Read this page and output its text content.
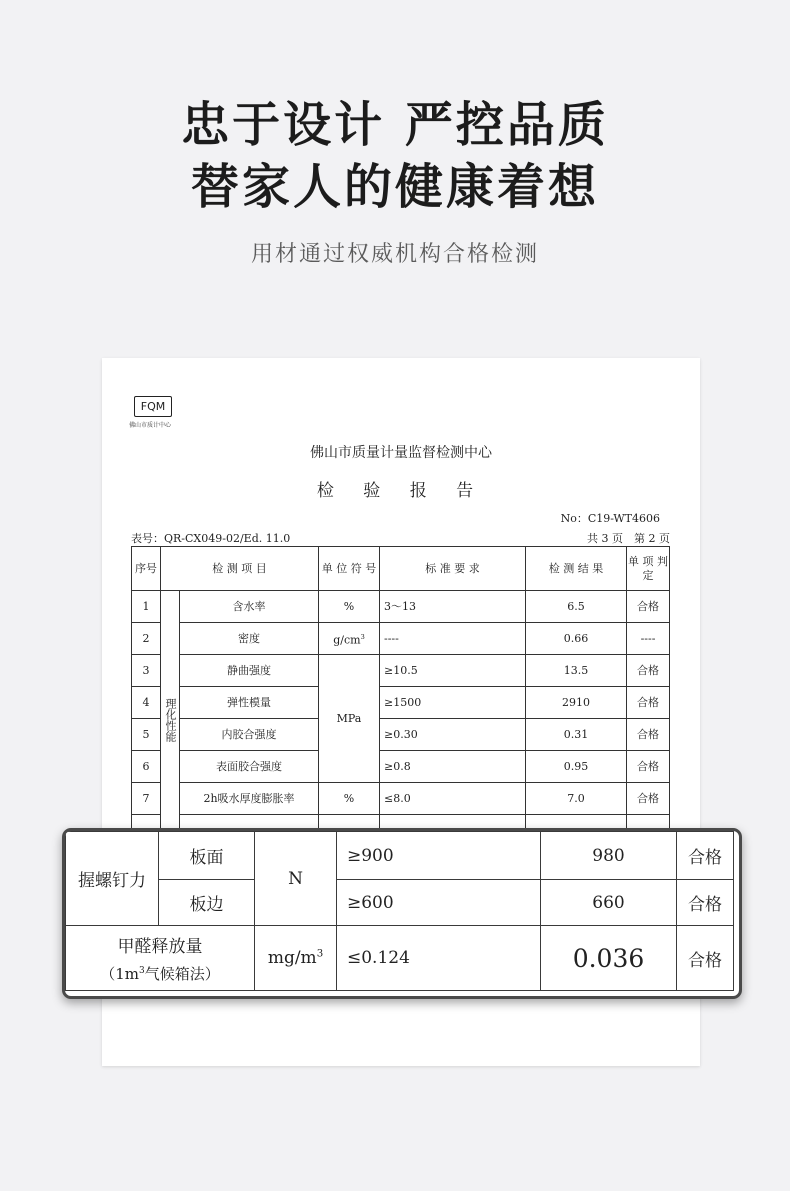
忠于设计 严控品质
替家人的健康着想
用材通过权威机构合格检测
FQM
佛山市质计中心
佛山市质量计量监督检测中心
检 验 报 告
No：C19-WT4606
表号：QR-CX049-02/Ed. 11.0	共 3 页　第 2 页
序号	检 测 项 目		单 位 符 号	标 准 要 求	检 测 结 果	单 项 判 定
1	理化性能	含水率	%	3～13	6.5	合格
2		密度	$g/cm^3$	----	0.66	----
3		静曲强度	MPa	≥10.5	13.5	合格
4		弹性模量		≥1500	2910	合格
5		内胶合强度		≥0.30	0.31	合格
6		表面胶合强度		≥0.8	0.95	合格
7		2h吸水厚度膨胀率	%	≤8.0	7.0	合格

握螺钉力	板面	N	≥900	980	合格
	板边		≥600	660	合格

甲醛释放量
（$1m^3$气候箱法）		$mg/m^3$	≤0.124	0.036	合格
